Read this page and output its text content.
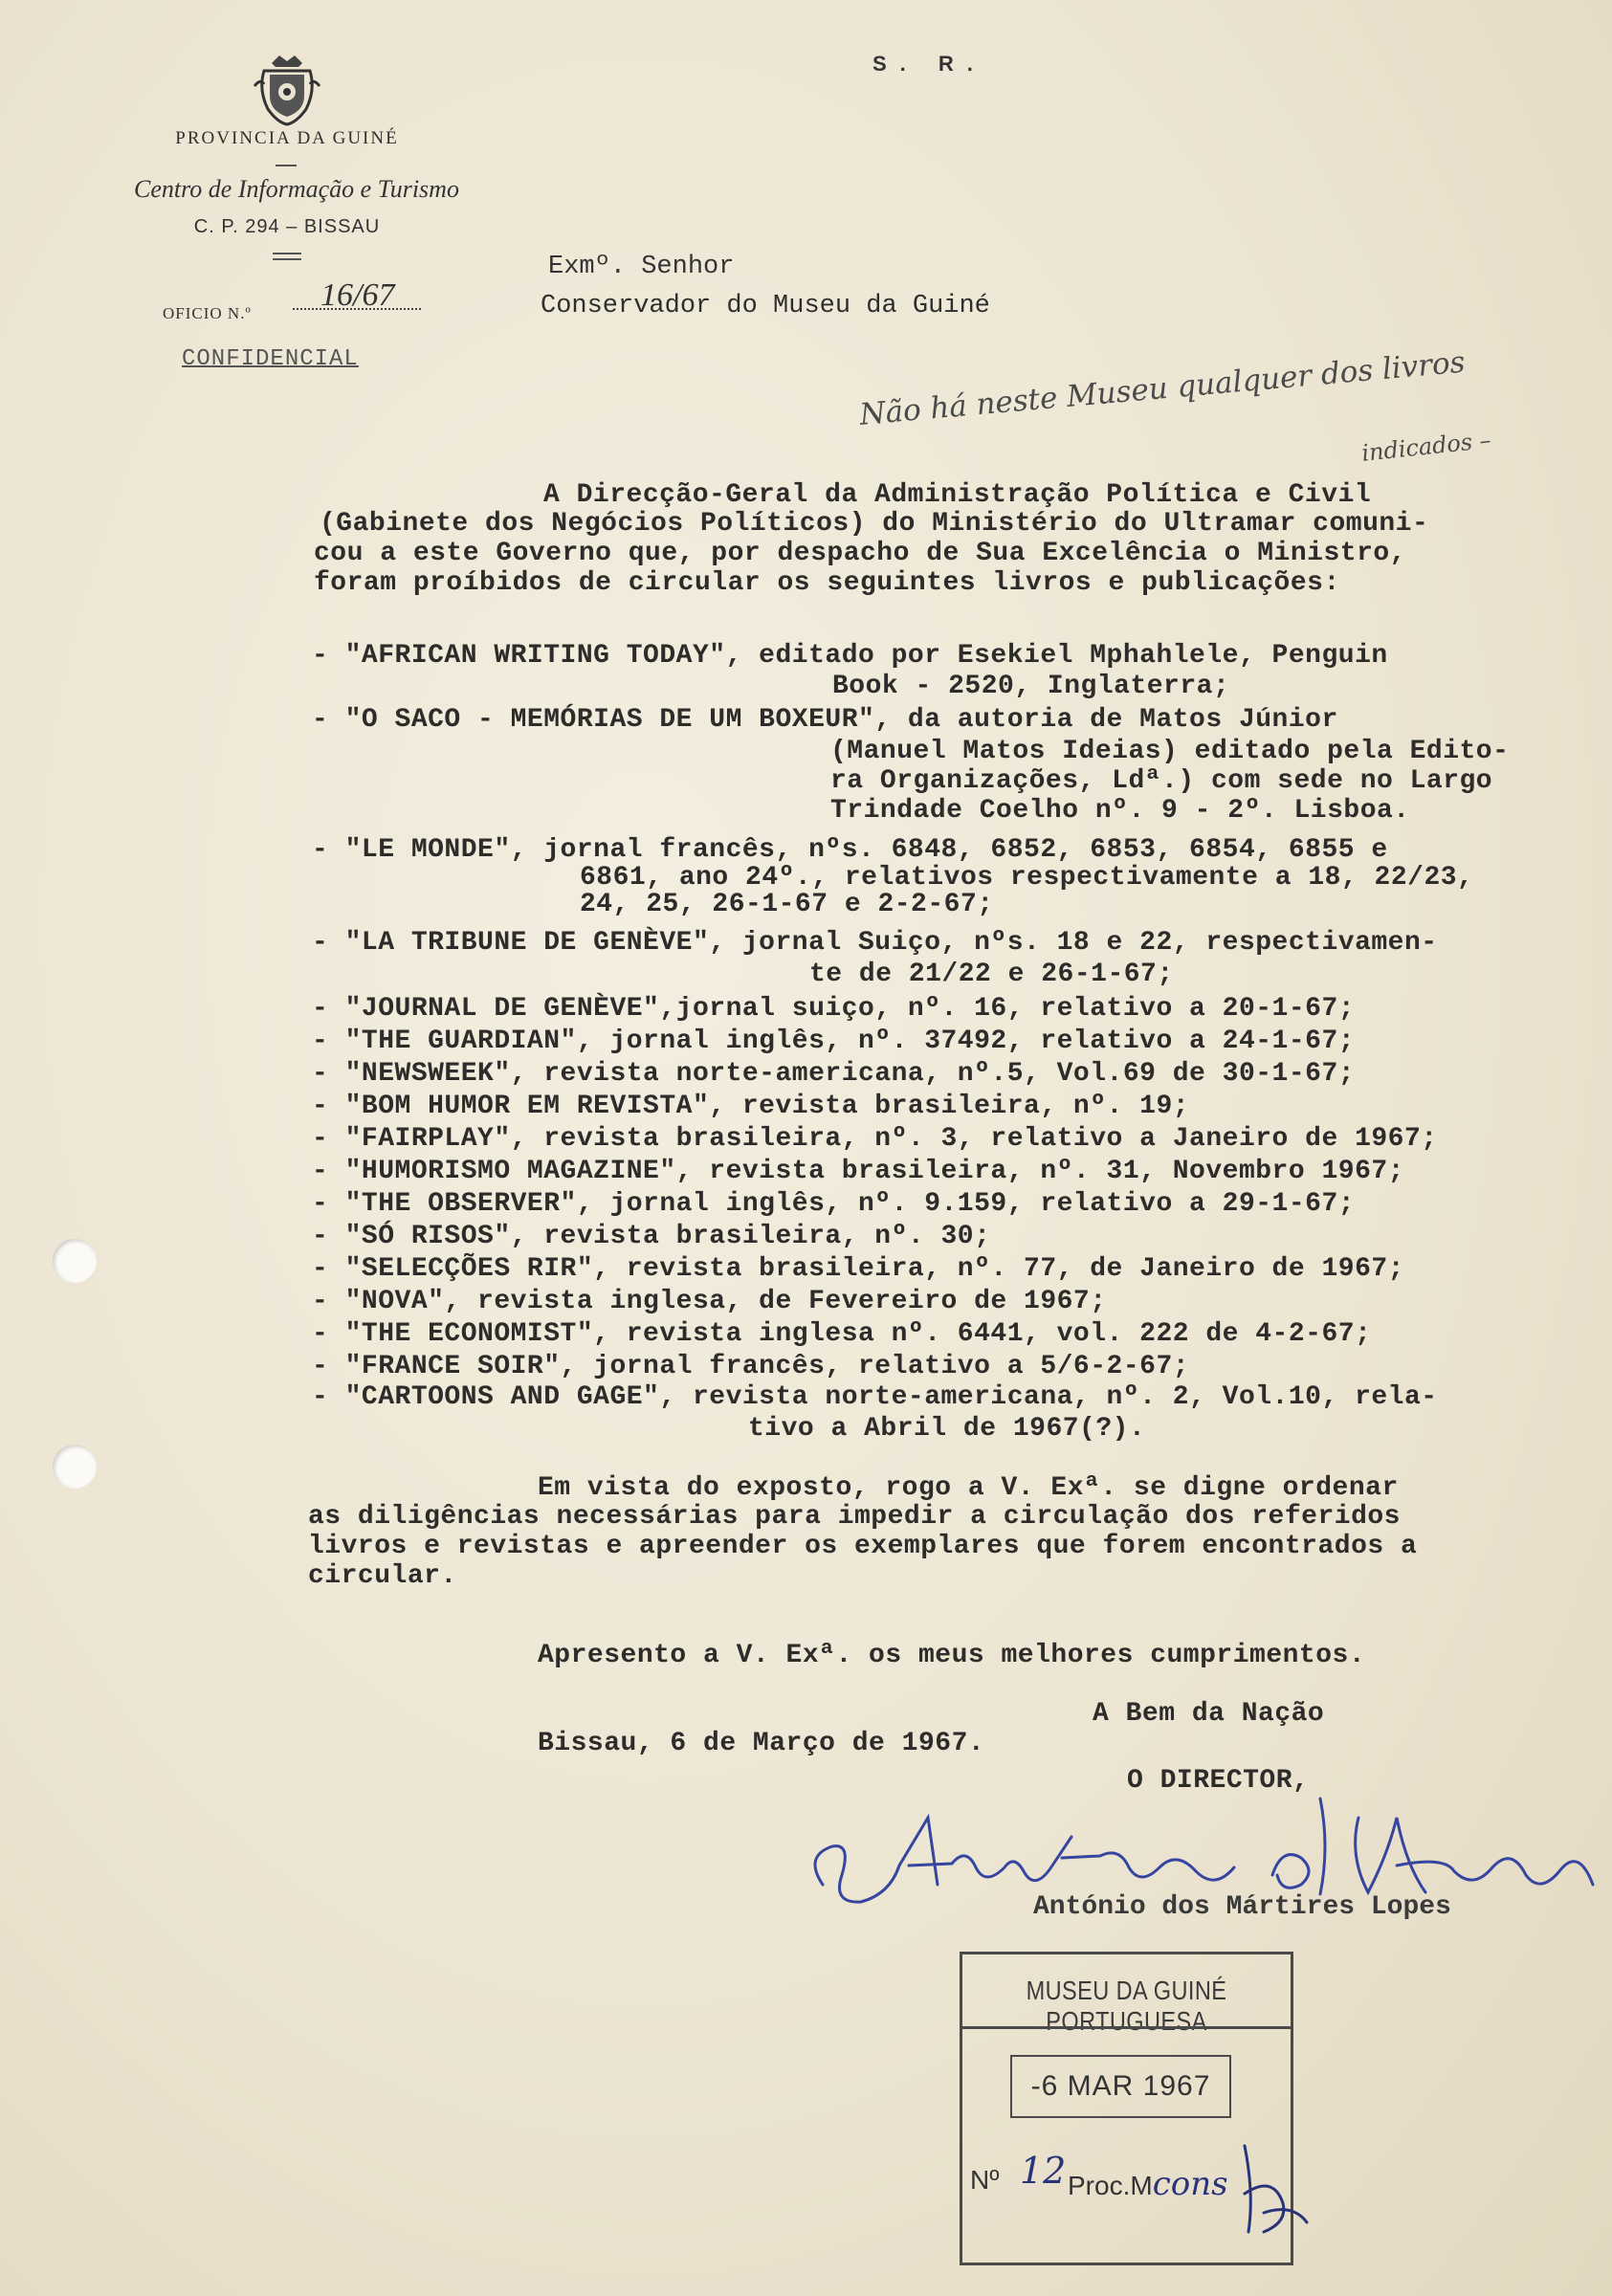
S. R.
PROVINCIA DA GUINÉ
Centro de Informação e Turismo
C. P. 294 – BISSAU
OFICIO N.º
16/67
CONFIDENCIAL
Exmº. Senhor
Conservador do Museu da Guiné
Não há neste Museu qualquer dos livros
indicados –
A Direcção-Geral da Administração Política e Civil
(Gabinete dos Negócios Políticos) do Ministério do Ultramar comuni-
cou a este Governo que, por despacho de Sua Excelência o Ministro,
foram proíbidos de circular os seguintes livros e publicações:
- "AFRICAN WRITING TODAY", editado por Esekiel Mphahlele, Penguin
Book - 2520, Inglaterra;
- "O SACO - MEMÓRIAS DE UM BOXEUR", da autoria de Matos Júnior
(Manuel Matos Ideias) editado pela Edito-
ra Organizações, Ldª.) com sede no Largo
Trindade Coelho nº. 9 - 2º. Lisboa.
- "LE MONDE", jornal francês, nºs. 6848, 6852, 6853, 6854, 6855 e
6861, ano 24º., relativos respectivamente a 18, 22/23,
24, 25, 26-1-67 e 2-2-67;
- "LA TRIBUNE DE GENÈVE", jornal Suiço, nºs. 18 e 22, respectivamen-
te de 21/22 e 26-1-67;
- "JOURNAL DE GENÈVE",jornal suiço, nº. 16, relativo a 20-1-67;
- "THE GUARDIAN", jornal inglês, nº. 37492, relativo a 24-1-67;
- "NEWSWEEK", revista norte-americana, nº.5, Vol.69 de 30-1-67;
- "BOM HUMOR EM REVISTA", revista brasileira, nº. 19;
- "FAIRPLAY", revista brasileira, nº. 3, relativo a Janeiro de 1967;
- "HUMORISMO MAGAZINE", revista brasileira, nº. 31, Novembro 1967;
- "THE OBSERVER", jornal inglês, nº. 9.159, relativo a 29-1-67;
- "SÓ RISOS", revista brasileira, nº. 30;
- "SELECÇÕES RIR", revista brasileira, nº. 77, de Janeiro de 1967;
- "NOVA", revista inglesa, de Fevereiro de 1967;
- "THE ECONOMIST", revista inglesa nº. 6441, vol. 222 de 4-2-67;
- "FRANCE SOIR", jornal francês, relativo a 5/6-2-67;
- "CARTOONS AND GAGE", revista norte-americana, nº. 2, Vol.10, rela-
tivo a Abril de 1967(?).
Em vista do exposto, rogo a V. Exª. se digne ordenar
as diligências necessárias para impedir a circulação dos referidos
livros e revistas e apreender os exemplares que forem encontrados a
circular.
Apresento a V. Exª. os meus melhores cumprimentos.
A Bem da Nação
Bissau, 6 de Março de 1967.
O DIRECTOR,
António dos Mártires Lopes
MUSEU DA GUINÉ PORTUGUESA
-6 MAR 1967
Nº 12 Proc.Mcons
